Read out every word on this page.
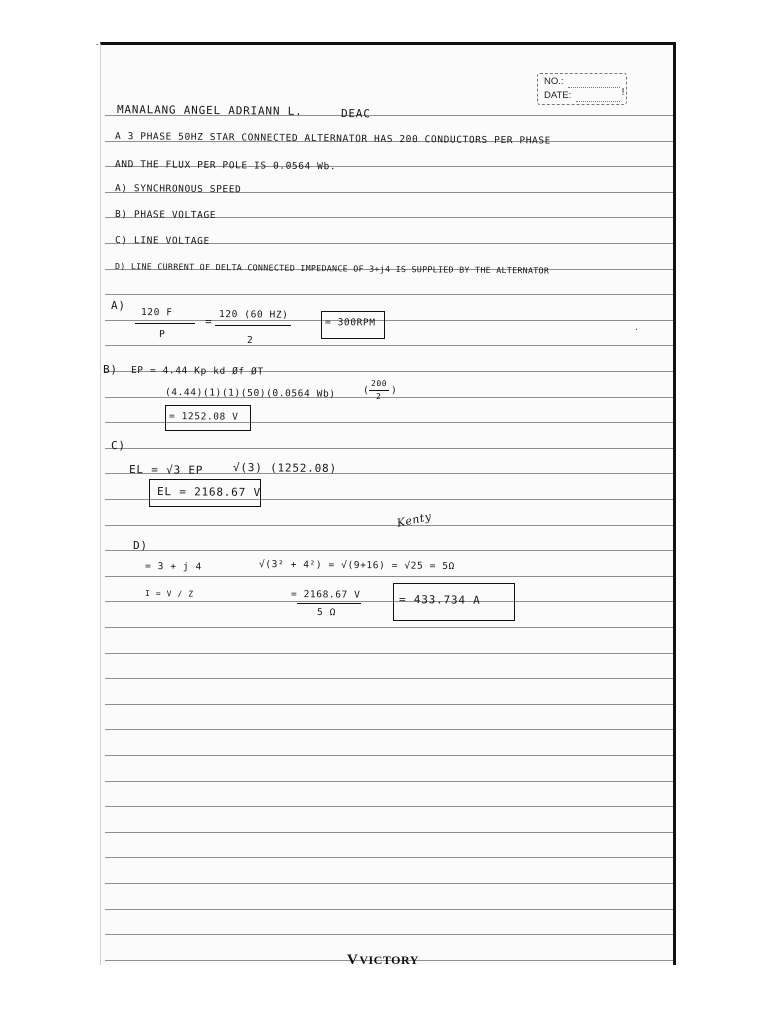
NO.:
DATE:
MANALANG ANGEL ADRIANN L.	DEAC
A 3 PHASE 50HZ STAR CONNECTED ALTERNATOR HAS 200 CONDUCTORS PER PHASE
AND THE FLUX PER POLE IS 0.0564 Wb.
A) SYNCHRONOUS SPEED
B) PHASE VOLTAGE
C) LINE VOLTAGE
D) LINE CURRENT OF DELTA CONNECTED IMPEDANCE OF 3+j4 IS SUPPLIED BY THE ALTERNATOR
A)
120 F
P
=
120 (60 HZ)
2
= 300RPM
B) EP = 4.44 Kp kd Øf ØT
(4.44)(1)(1)(50)(0.0564 Wb)	(
200
2
)
= 1252.08 V
C)
EL = √3 EP	√(3) (1252.08)
EL = 2168.67 V
Kenty
D)
= 3 + j 4	√(3² + 4²) = √(9+16) = √25 = 5Ω
I = V / Z	= 2168.67 V
5 Ω
= 433.734 A
·
!
VVICTORY
-
